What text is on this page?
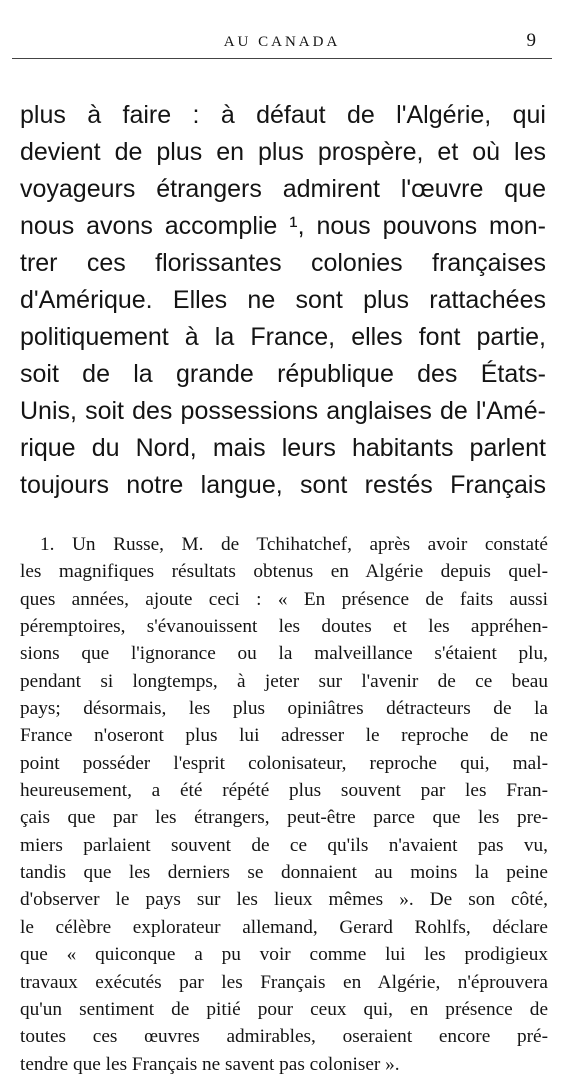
AU CANADA	9
plus à faire : à défaut de l'Algérie, qui
devient de plus en plus prospère, et où les
voyageurs étrangers admirent l'œuvre que
nous avons accomplie ¹, nous pouvons mon-
trer ces florissantes colonies françaises
d'Amérique. Elles ne sont plus rattachées
politiquement à la France, elles font partie,
soit de la grande république des États-
Unis, soit des possessions anglaises de l'Amé-
rique du Nord, mais leurs habitants parlent
toujours notre langue, sont restés Français
1. Un Russe, M. de Tchihatchef, après avoir constaté
les magnifiques résultats obtenus en Algérie depuis quel-
ques années, ajoute ceci : « En présence de faits aussi
péremptoires, s'évanouissent les doutes et les appréhen-
sions que l'ignorance ou la malveillance s'étaient plu,
pendant si longtemps, à jeter sur l'avenir de ce beau
pays; désormais, les plus opiniâtres détracteurs de la
France n'oseront plus lui adresser le reproche de ne
point posséder l'esprit colonisateur, reproche qui, mal-
heureusement, a été répété plus souvent par les Fran-
çais que par les étrangers, peut-être parce que les pre-
miers parlaient souvent de ce qu'ils n'avaient pas vu,
tandis que les derniers se donnaient au moins la peine
d'observer le pays sur les lieux mêmes ». De son côté,
le célèbre explorateur allemand, Gerard Rohlfs, déclare
que « quiconque a pu voir comme lui les prodigieux
travaux exécutés par les Français en Algérie, n'éprouvera
qu'un sentiment de pitié pour ceux qui, en présence de
toutes ces œuvres admirables, oseraient encore pré-
tendre que les Français ne savent pas coloniser ».
